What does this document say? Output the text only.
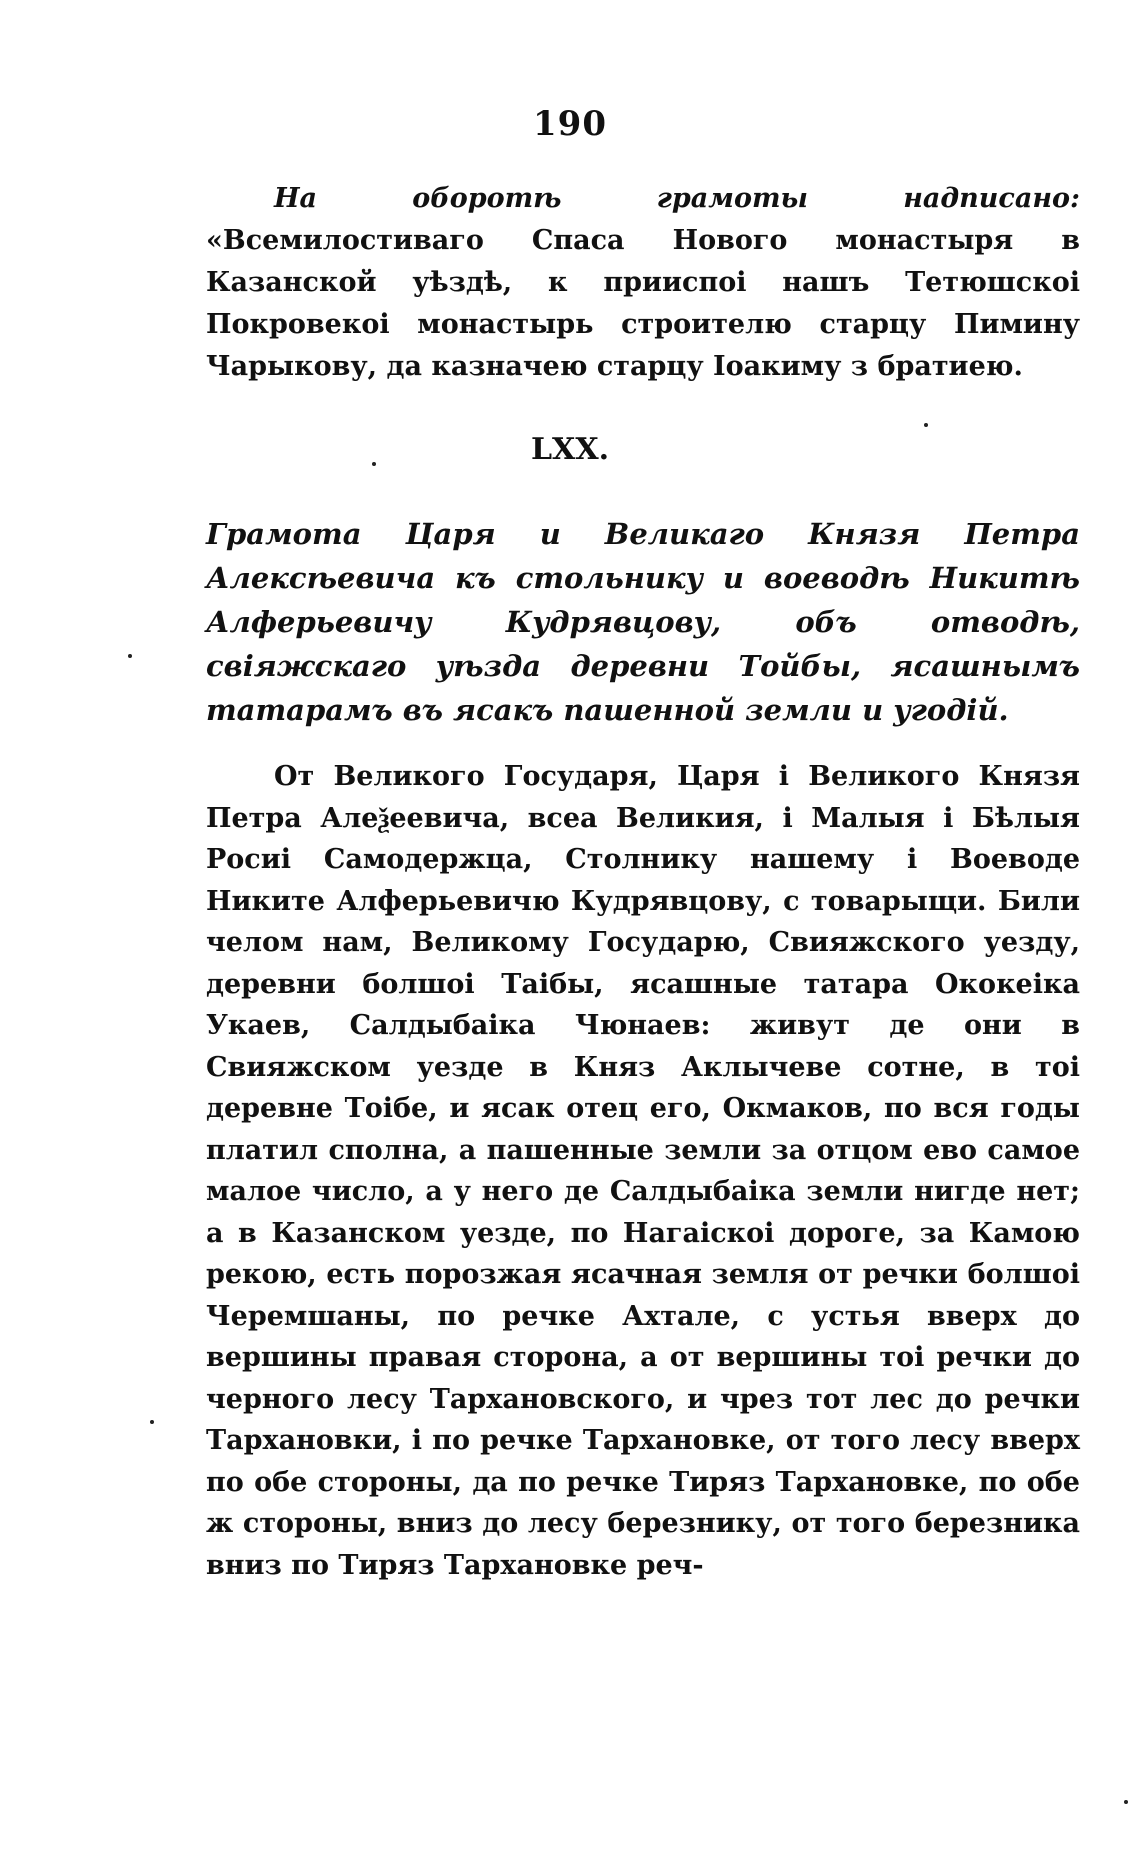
190

На оборотѣ грамоты надписано: «Всемилостиваго Спаса Нового монастыря в Казанской уѣздѣ, к прииспоі нашъ Тетюшскоі Покровекоі монастырь строителю старцу Пимину Чарыкову, да казначею старцу Іоакиму з братиею.

LXX.

Грамота Царя и Великаго Князя Петра Алексѣевича къ стольнику и воеводѣ Никитѣ Алферьевичу Кудрявцову, объ отводѣ, свіяжскаго уѣзда деревни Тойбы, ясашнымъ татарамъ въ ясакъ пашенной земли и угодій.

От Великого Государя, Царя і Великого Князя Петра Алеѯеевича, всеа Великия, і Малыя і Бѣлыя Росиі Самодержца, Столнику нашему і Воеводе Никите Алферьевичю Кудрявцову, с товарыщи. Били челом нам, Великому Государю, Свияжского уезду, деревни болшоі Таібы, ясашные татара Ококеіка Укаев, Салдыбаіка Чюнаев: живут де они в Свияжском уезде в Княз Аклычеве сотне, в тоі деревне Тоібе, и ясак отец его, Окмаков, по вся годы платил сполна, а пашенные земли за отцом ево самое малое число, а у него де Салдыбаіка земли нигде нет; а в Казанском уезде, по Нагаіскоі дороге, за Камою рекою, есть порозжая ясачная земля от речки болшоі Черемшаны, по речке Ахтале, с устья вверх до вершины правая сторона, а от вершины тоі речки до черного лесу Тархановского, и чрез тот лес до речки Тархановки, і по речке Тархановке, от того лесу вверх по обе стороны, да по речке Тиряз Тархановке, по обе ж стороны, вниз до лесу березнику, от того березника вниз по Тиряз Тархановке реч-
